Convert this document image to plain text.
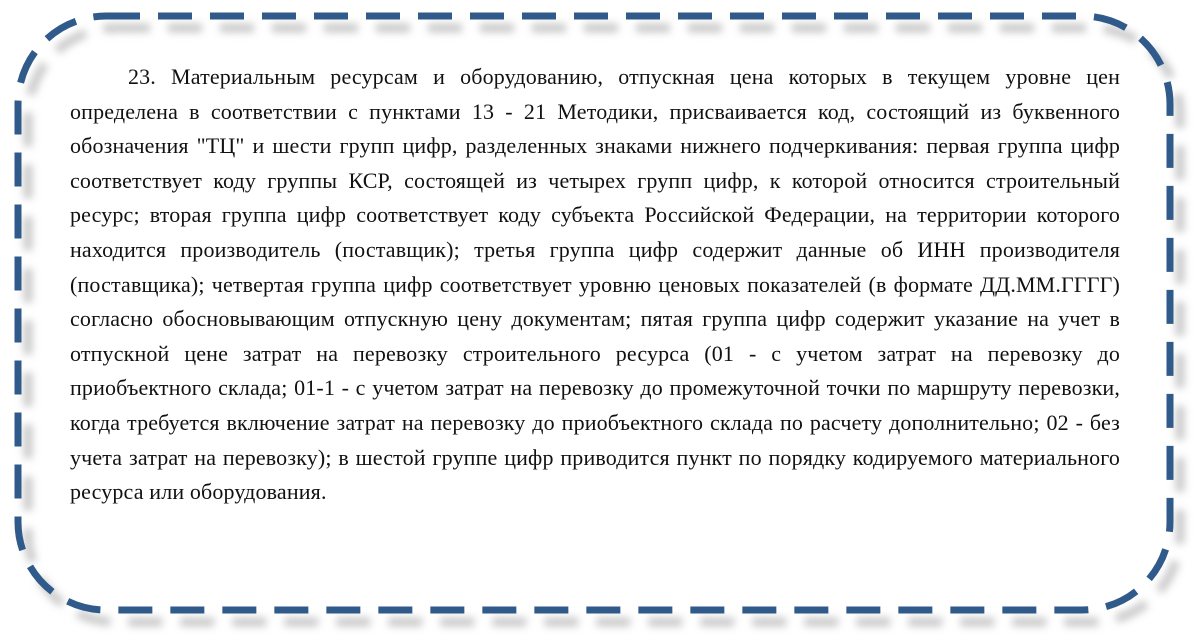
23. Материальным ресурсам и оборудованию, отпускная цена которых в текущем уровне цен определена в соответствии с пунктами 13 - 21 Методики, присваивается код, состоящий из буквенного обозначения "ТЦ" и шести групп цифр, разделенных знаками нижнего подчеркивания: первая группа цифр соответствует коду группы КСР, состоящей из четырех групп цифр, к которой относится строительный ресурс; вторая группа цифр соответствует коду субъекта Российской Федерации, на территории которого находится производитель (поставщик); третья группа цифр содержит данные об ИНН производителя (поставщика); четвертая группа цифр соответствует уровню ценовых показателей (в формате ДД.ММ.ГГГГ) согласно обосновывающим отпускную цену документам; пятая группа цифр содержит указание на учет в отпускной цене затрат на перевозку строительного ресурса (01 - с учетом затрат на перевозку до приобъектного склада; 01-1 - с учетом затрат на перевозку до промежуточной точки по маршруту перевозки, когда требуется включение затрат на перевозку до приобъектного склада по расчету дополнительно; 02 - без учета затрат на перевозку); в шестой группе цифр приводится пункт по порядку кодируемого материального ресурса или оборудования.
